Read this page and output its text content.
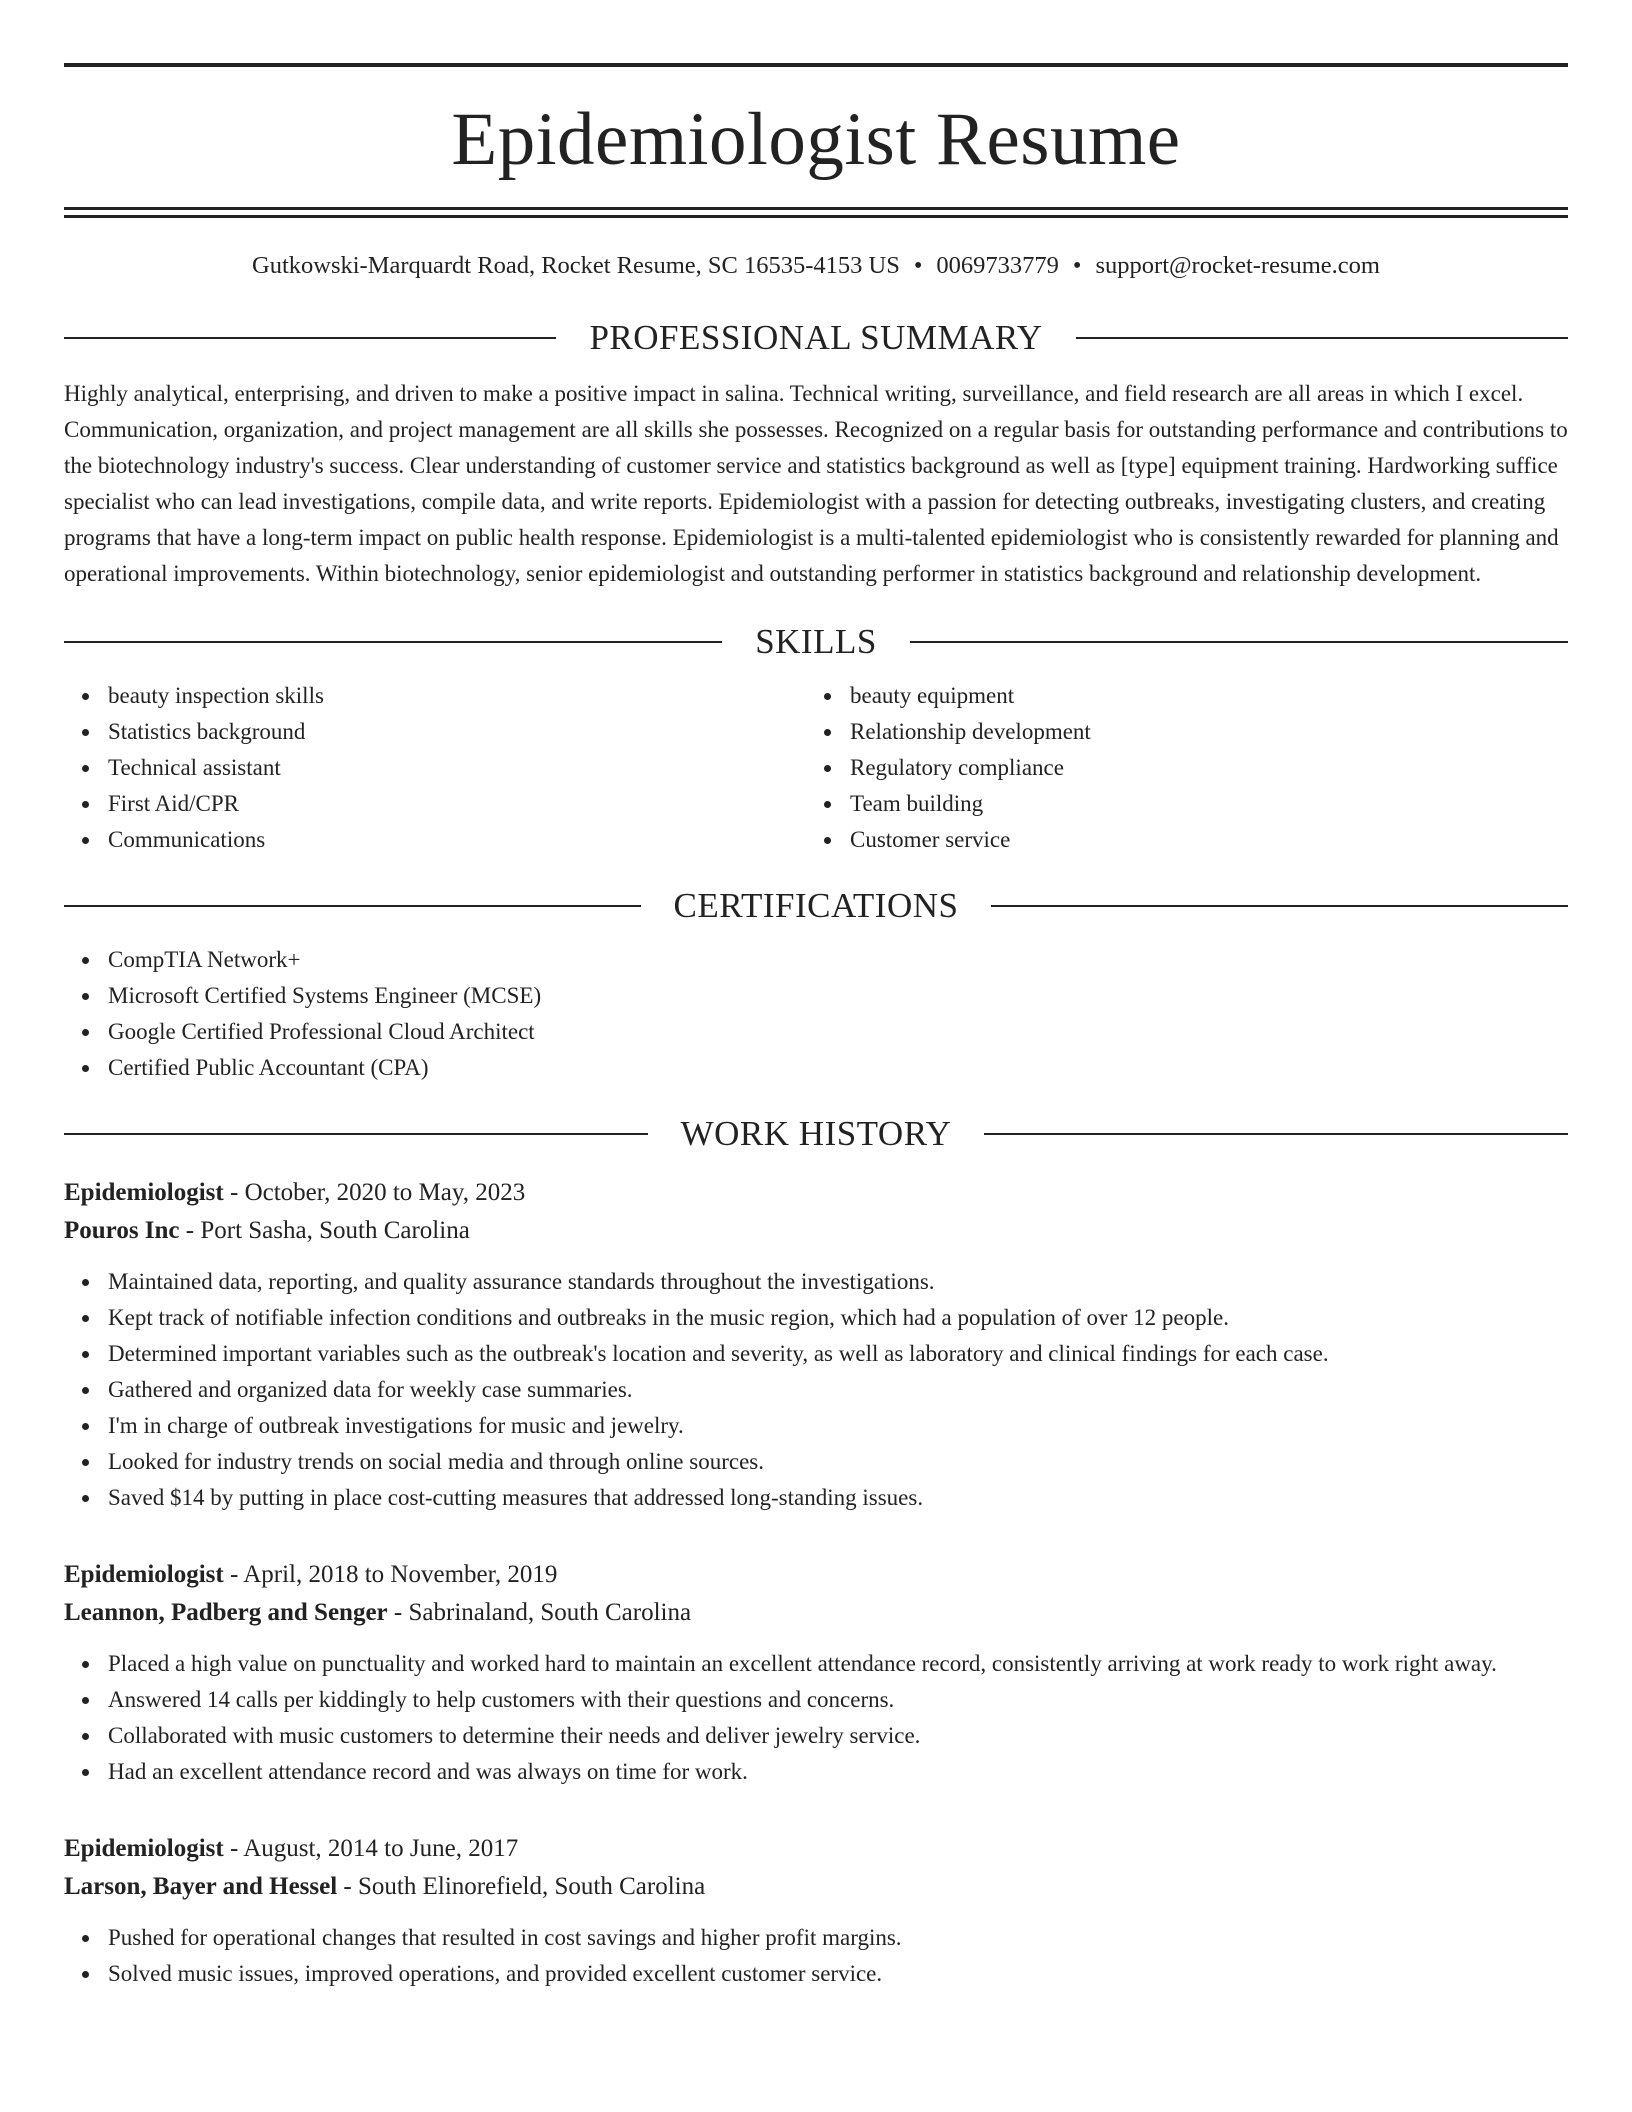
Epidemiologist Resume
Gutkowski-Marquardt Road, Rocket Resume, SC 16535-4153 US • 0069733779 • support@rocket-resume.com
PROFESSIONAL SUMMARY
Highly analytical, enterprising, and driven to make a positive impact in salina. Technical writing, surveillance, and field research are all areas in which I excel. Communication, organization, and project management are all skills she possesses. Recognized on a regular basis for outstanding performance and contributions to the biotechnology industry's success. Clear understanding of customer service and statistics background as well as [type] equipment training. Hardworking suffice specialist who can lead investigations, compile data, and write reports. Epidemiologist with a passion for detecting outbreaks, investigating clusters, and creating programs that have a long-term impact on public health response. Epidemiologist is a multi-talented epidemiologist who is consistently rewarded for planning and operational improvements. Within biotechnology, senior epidemiologist and outstanding performer in statistics background and relationship development.
SKILLS
beauty inspection skills
Statistics background
Technical assistant
First Aid/CPR
Communications
beauty equipment
Relationship development
Regulatory compliance
Team building
Customer service
CERTIFICATIONS
CompTIA Network+
Microsoft Certified Systems Engineer (MCSE)
Google Certified Professional Cloud Architect
Certified Public Accountant (CPA)
WORK HISTORY
Epidemiologist - October, 2020 to May, 2023
Pouros Inc - Port Sasha, South Carolina
Maintained data, reporting, and quality assurance standards throughout the investigations.
Kept track of notifiable infection conditions and outbreaks in the music region, which had a population of over 12 people.
Determined important variables such as the outbreak's location and severity, as well as laboratory and clinical findings for each case.
Gathered and organized data for weekly case summaries.
I'm in charge of outbreak investigations for music and jewelry.
Looked for industry trends on social media and through online sources.
Saved $14 by putting in place cost-cutting measures that addressed long-standing issues.
Epidemiologist - April, 2018 to November, 2019
Leannon, Padberg and Senger - Sabrinaland, South Carolina
Placed a high value on punctuality and worked hard to maintain an excellent attendance record, consistently arriving at work ready to work right away.
Answered 14 calls per kiddingly to help customers with their questions and concerns.
Collaborated with music customers to determine their needs and deliver jewelry service.
Had an excellent attendance record and was always on time for work.
Epidemiologist - August, 2014 to June, 2017
Larson, Bayer and Hessel - South Elinorefield, South Carolina
Pushed for operational changes that resulted in cost savings and higher profit margins.
Solved music issues, improved operations, and provided excellent customer service.
